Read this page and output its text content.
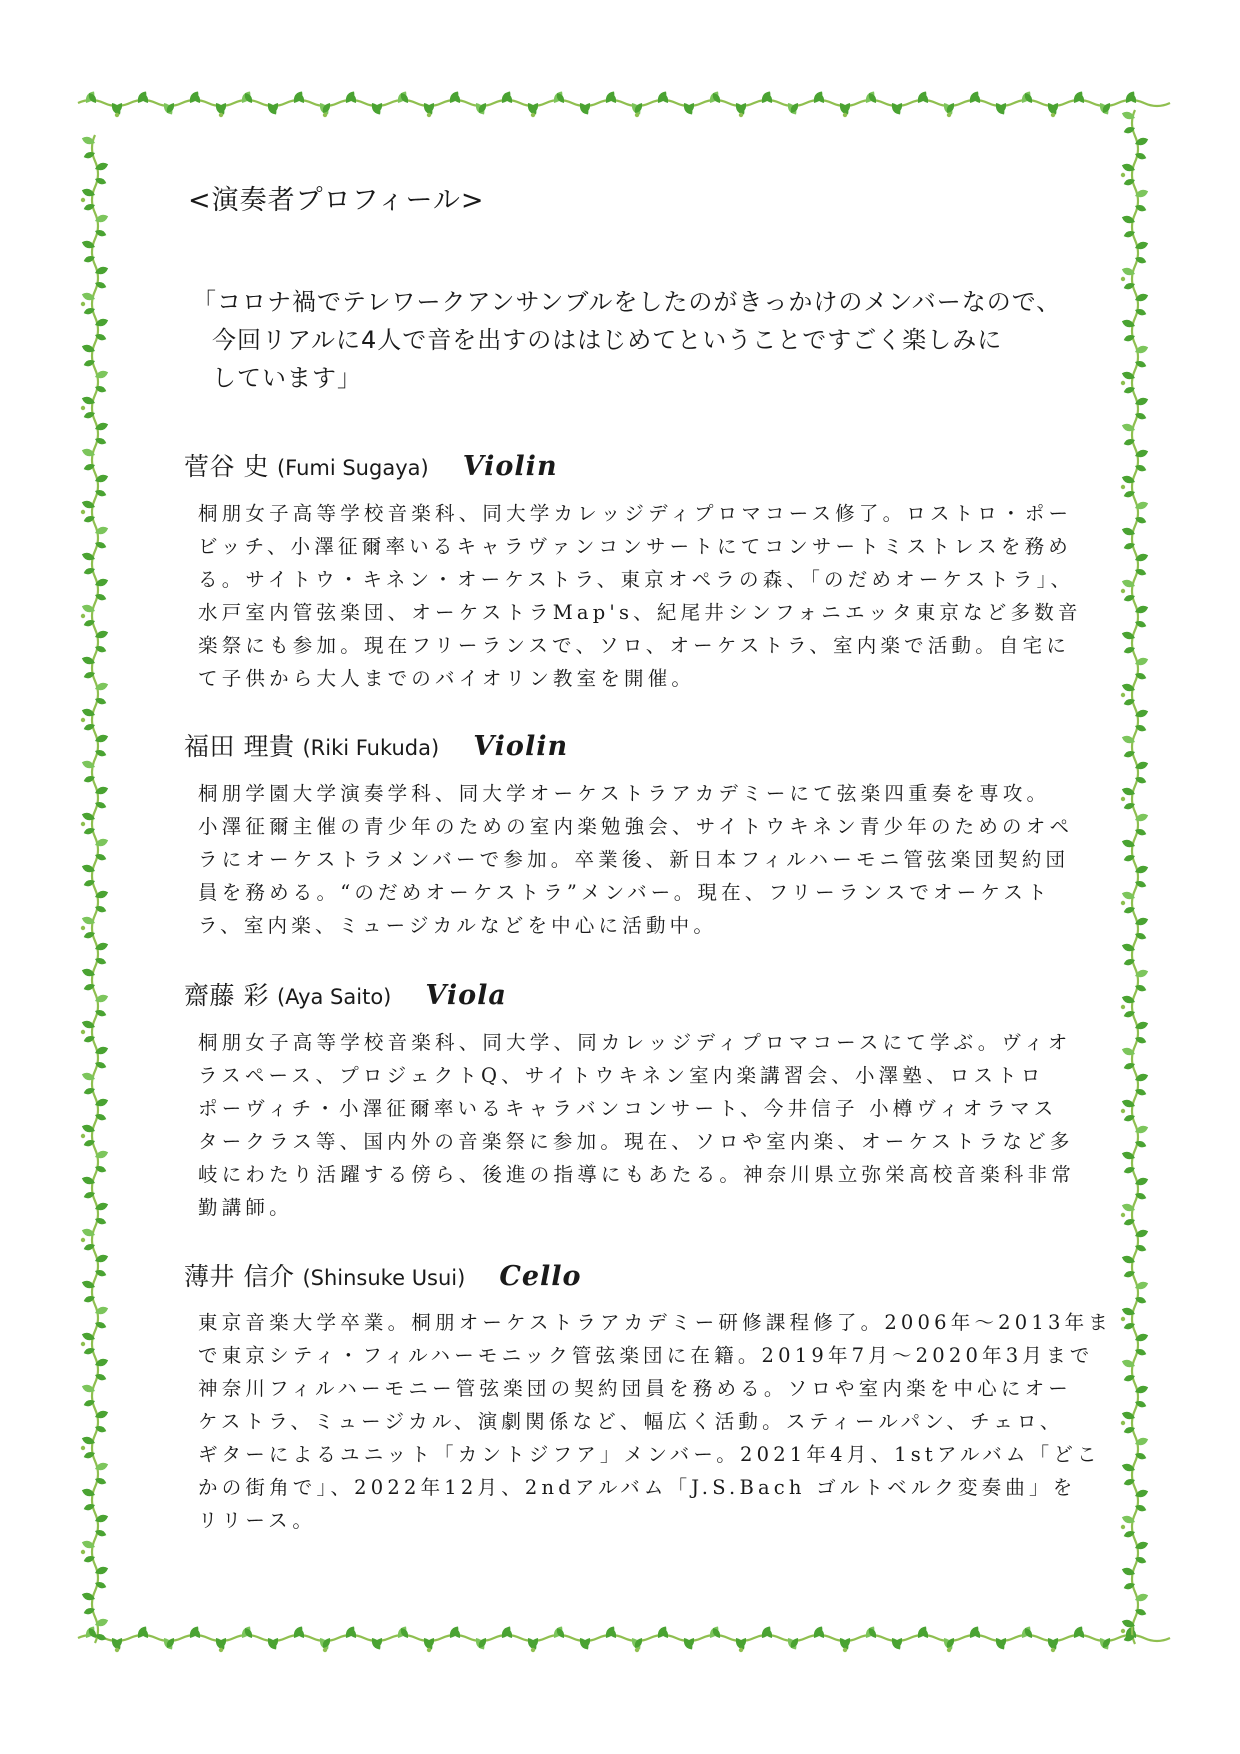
<演奏者プロフィール>
「コロナ禍でテレワークアンサンブルをしたのがきっかけのメンバーなので、
今回リアルに4人で音を出すのははじめてということですごく楽しみに
しています」
菅谷 史 (Fumi Sugaya) Violin
桐朋女子高等学校音楽科、同大学カレッジディプロマコース修了。ロストロ・ポー
ビッチ、小澤征爾率いるキャラヴァンコンサートにてコンサートミストレスを務め
る。サイトウ・キネン・オーケストラ、東京オペラの森、「のだめオーケストラ」、
水戸室内管弦楽団、オーケストラMap's、紀尾井シンフォニエッタ東京など多数音
楽祭にも参加。現在フリーランスで、ソロ、オーケストラ、室内楽で活動。自宅に
て子供から大人までのバイオリン教室を開催。
福田 理貴 (Riki Fukuda) Violin
桐朋学園大学演奏学科、同大学オーケストラアカデミーにて弦楽四重奏を専攻。
小澤征爾主催の青少年のための室内楽勉強会、サイトウキネン青少年のためのオペ
ラにオーケストラメンバーで参加。卒業後、新日本フィルハーモニ管弦楽団契約団
員を務める。“のだめオーケストラ”メンバー。現在、フリーランスでオーケスト
ラ、室内楽、ミュージカルなどを中心に活動中。
齋藤 彩 (Aya Saito) Viola
桐朋女子高等学校音楽科、同大学、同カレッジディプロマコースにて学ぶ。ヴィオ
ラスペース、プロジェクトQ、サイトウキネン室内楽講習会、小澤塾、ロストロ
ポーヴィチ・小澤征爾率いるキャラバンコンサート、今井信子 小樽ヴィオラマス
タークラス等、国内外の音楽祭に参加。現在、ソロや室内楽、オーケストラなど多
岐にわたり活躍する傍ら、後進の指導にもあたる。神奈川県立弥栄高校音楽科非常
勤講師。
薄井 信介 (Shinsuke Usui) Cello
東京音楽大学卒業。桐朋オーケストラアカデミー研修課程修了。2006年～2013年ま
で東京シティ・フィルハーモニック管弦楽団に在籍。2019年7月～2020年3月まで
神奈川フィルハーモニー管弦楽団の契約団員を務める。ソロや室内楽を中心にオー
ケストラ、ミュージカル、演劇関係など、幅広く活動。スティールパン、チェロ、
ギターによるユニット「カントジフア」メンバー。2021年4月、1stアルバム「どこ
かの街角で」、2022年12月、2ndアルバム「J.S.Bach ゴルトベルク変奏曲」を
リリース。
